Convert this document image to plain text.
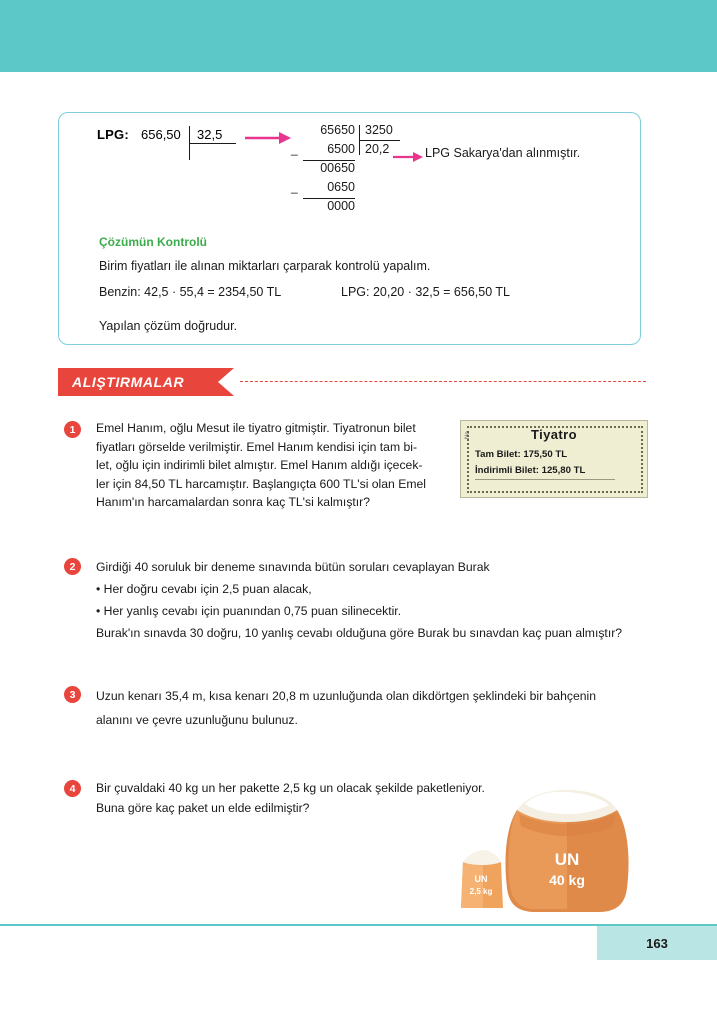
LPG: 656,50	32,5	65650 3250
_	6500 20,2
00650
_	0650
0000
LPG Sakarya'dan alınmıştır.
Çözümün Kontrolü
Birim fiyatları ile alınan miktarları çarparak kontrolü yapalım.
Benzin: 42,5 · 55,4 = 2354,50 TL	LPG: 20,20 · 32,5 = 656,50 TL
Yapılan çözüm doğrudur.
ALIŞTIRMALAR
1	Emel Hanım, oğlu Mesut ile tiyatro gitmiştir. Tiyatronun bilet
fiyatları görselde verilmiştir. Emel Hanım kendisi için tam bi-
let, oğlu için indirimli bilet almıştır. Emel Hanım aldığı içecek-
ler için 84,50 TL harcamıştır. Başlangıçta 600 TL'si olan Emel
Hanım'ın harcamalardan sonra kaç TL'si kalmıştır?
Tiyatro
Tam Bilet: 175,50 TL
İndirimli Bilet: 125,80 TL
No
2	Girdiği 40 soruluk bir deneme sınavında bütün soruları cevaplayan Burak
• Her doğru cevabı için 2,5 puan alacak,
• Her yanlış cevabı için puanından 0,75 puan silinecektir.
Burak'ın sınavda 30 doğru, 10 yanlış cevabı olduğuna göre Burak bu sınavdan kaç puan almıştır?
3	Uzun kenarı 35,4 m, kısa kenarı 20,8 m uzunluğunda olan dikdörtgen şeklindeki bir bahçenin
alanını ve çevre uzunluğunu bulunuz.
4	Bir çuvaldaki 40 kg un her pakette 2,5 kg un olacak şekilde paketleniyor.
Buna göre kaç paket un elde edilmiştir?
UN
40 kg
UN
2,5 kg
163
